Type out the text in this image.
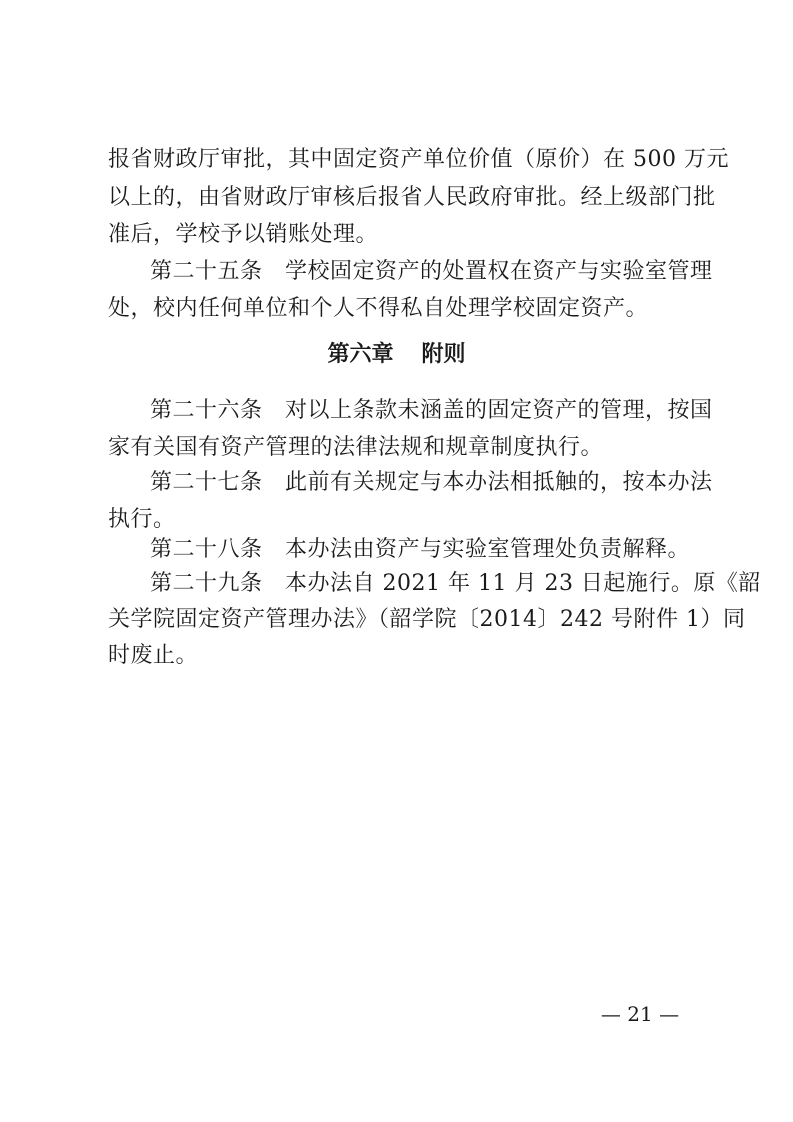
报省财政厅审批，其中固定资产单位价值（原价）在 500 万元
以上的，由省财政厅审核后报省人民政府审批。经上级部门批
准后，学校予以销账处理。
第二十五条　学校固定资产的处置权在资产与实验室管理
处，校内任何单位和个人不得私自处理学校固定资产。
第六章 附则
第二十六条　对以上条款未涵盖的固定资产的管理，按国
家有关国有资产管理的法律法规和规章制度执行。
第二十七条　此前有关规定与本办法相抵触的，按本办法
执行。
第二十八条　本办法由资产与实验室管理处负责解释。
第二十九条　本办法自 2021 年 11 月 23 日起施行。原《韶
关学院固定资产管理办法》（韶学院〔2014〕242 号附件 1）同
时废止。
— 21 —
